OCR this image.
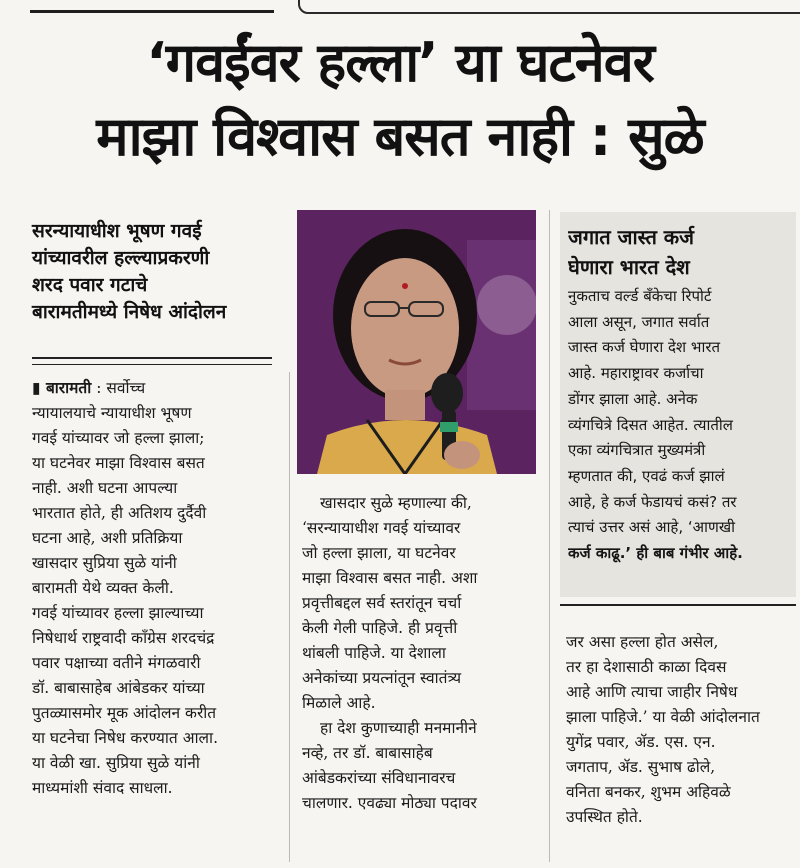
‘गवईंवर हल्ला’ या घटनेवर
माझा विश्वास बसत नाही : सुळे
सरन्यायाधीश भूषण गवई
यांच्यावरील हल्ल्याप्रकरणी
शरद पवार गटाचे
बारामतीमध्ये निषेध आंदोलन
▮ बारामती : सर्वोच्च
न्यायालयाचे न्यायाधीश भूषण
गवई यांच्यावर जो हल्ला झाला;
या घटनेवर माझा विश्वास बसत
नाही. अशी घटना आपल्या
भारतात होते, ही अतिशय दुर्दैवी
घटना आहे, अशी प्रतिक्रिया
खासदार सुप्रिया सुळे यांनी
बारामती येथे व्यक्त केली.
गवई यांच्यावर हल्ला झाल्याच्या
निषेधार्थ राष्ट्रवादी कॉंग्रेस शरदचंद्र
पवार पक्षाच्या वतीने मंगळवारी
डॉ. बाबासाहेब आंबेडकर यांच्या
पुतळ्यासमोर मूक आंदोलन करीत
या घटनेचा निषेध करण्यात आला.
या वेळी खा. सुप्रिया सुळे यांनी
माध्यमांशी संवाद साधला.
खासदार सुळे म्हणाल्या की,
‘सरन्यायाधीश गवई यांच्यावर
जो हल्ला झाला, या घटनेवर
माझा विश्वास बसत नाही. अशा
प्रवृत्तीबद्दल सर्व स्तरांतून चर्चा
केली गेली पाहिजे. ही प्रवृत्ती
थांबली पाहिजे. या देशाला
अनेकांच्या प्रयत्नांतून स्वातंत्र्य
मिळाले आहे.
हा देश कुणाच्याही मनमानीने
नव्हे, तर डॉ. बाबासाहेब
आंबेडकरांच्या संविधानावरच
चालणार. एवढ्या मोठ्या पदावर
जगात जास्त कर्ज
घेणारा भारत देश
नुकताच वर्ल्ड बँकेचा रिपोर्ट
आला असून, जगात सर्वात
जास्त कर्ज घेणारा देश भारत
आहे. महाराष्ट्रावर कर्जाचा
डोंगर झाला आहे. अनेक
व्यंगचित्रे दिसत आहेत. त्यातील
एका व्यंगचित्रात मुख्यमंत्री
म्हणतात की, एवढं कर्ज झालं
आहे, हे कर्ज फेडायचं कसं? तर
त्याचं उत्तर असं आहे, ‘आणखी
कर्ज काढू.’ ही बाब गंभीर आहे.
जर असा हल्ला होत असेल,
तर हा देशासाठी काळा दिवस
आहे आणि त्याचा जाहीर निषेध
झाला पाहिजे.’ या वेळी आंदोलनात
युगेंद्र पवार, ॲड. एस. एन.
जगताप, ॲड. सुभाष ढोले,
वनिता बनकर, शुभम अहिवळे
उपस्थित होते.
